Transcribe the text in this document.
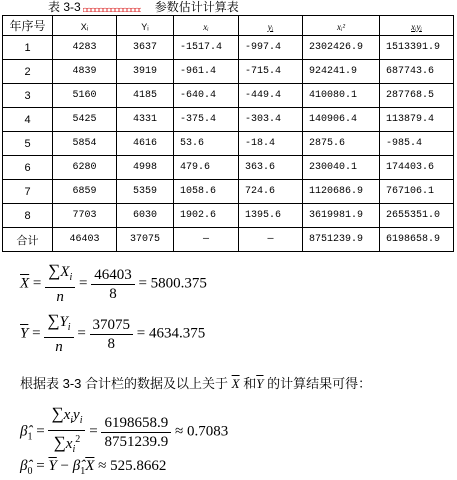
表 3-3	参数估计计算表
年序号	Xᵢ	Yᵢ	xᵢ	yᵢ	xᵢ²	xᵢyᵢ
1	4283	3637	-1517.4	-997.4	2302426.9	1513391.9
2	4839	3919	-961.4	-715.4	924241.9	687743.6
3	5160	4185	-640.4	-449.4	410080.1	287768.5
4	5425	4331	-375.4	-303.4	140906.4	113879.4
5	5854	4616	53.6	-18.4	2875.6	-985.4
6	6280	4998	479.6	363.6	230040.1	174403.6
7	6859	5359	1058.6	724.6	1120686.9	767106.1
8	7703	6030	1902.6	1395.6	3619981.9	2655351.0
合计	46403	37075	—	—	8751239.9	6198658.9
$\overline{X} = \frac{\sum X_i}{n} = \frac{46403}{8} = 5800.375$
$\overline{Y} = \frac{\sum Y_i}{n} = \frac{37075}{8} = 4634.375$
根据表 3-3 合计栏的数据及以上关于 $\overline{X}$ 和$\overline{Y}$ 的计算结果可得：
$\betâ_1 = \frac{\sum x_iy_i}{\sum x_i^2} = \frac{6198658.9}{8751239.9} \approx 0.7083$
$\betâ_0 = \overline{Y}$ − $\betâ_1\overline{X} \approx 525.8662$
